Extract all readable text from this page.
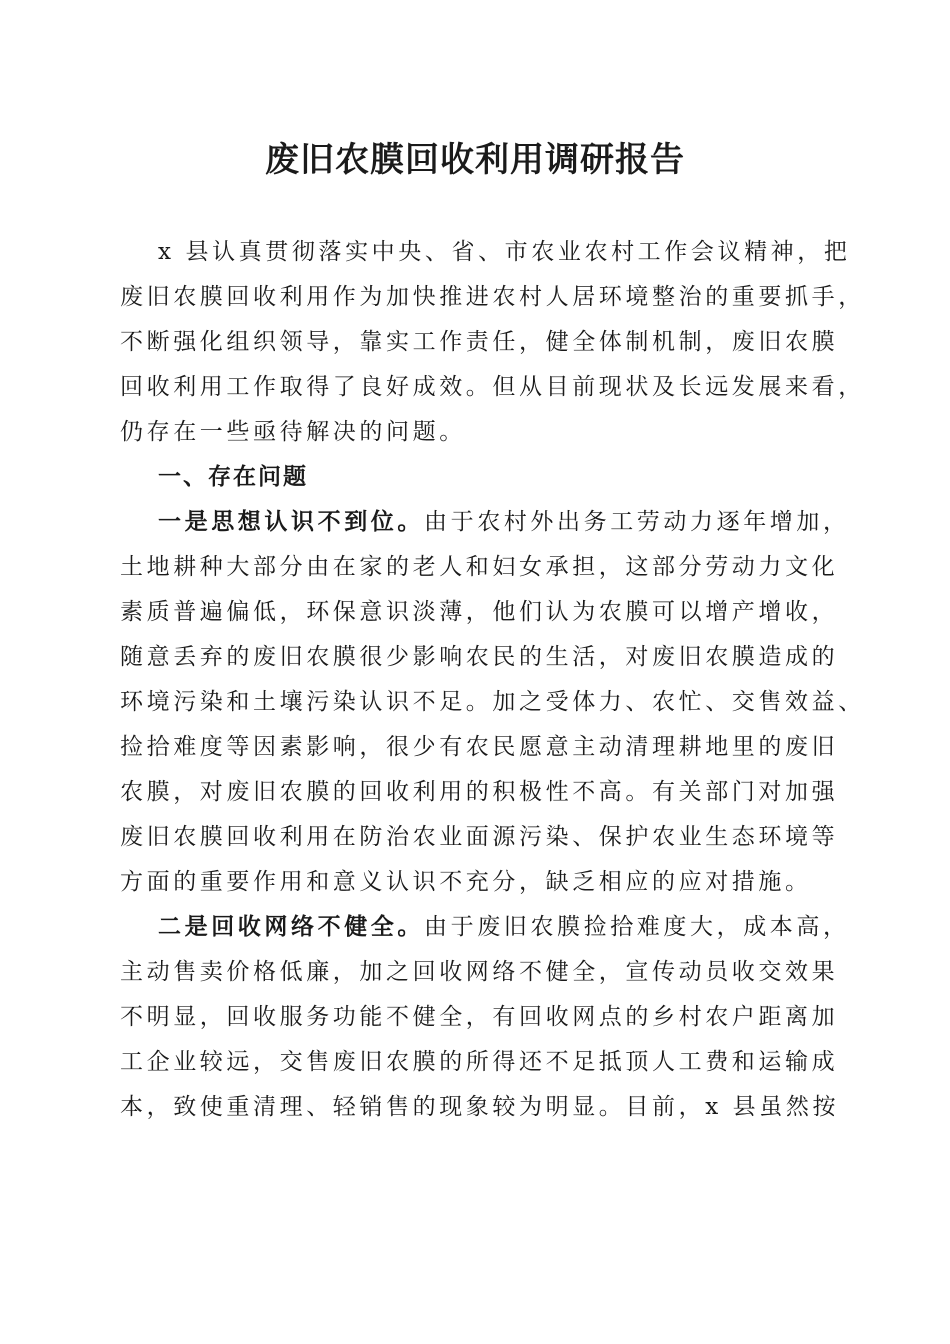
废旧农膜回收利用调研报告
x 县认真贯彻落实中央、省、市农业农村工作会议精神，把
废旧农膜回收利用作为加快推进农村人居环境整治的重要抓手，
不断强化组织领导，靠实工作责任，健全体制机制，废旧农膜
回收利用工作取得了良好成效。但从目前现状及长远发展来看，
仍存在一些亟待解决的问题。
一、存在问题
一是思想认识不到位。由于农村外出务工劳动力逐年增加，
土地耕种大部分由在家的老人和妇女承担，这部分劳动力文化
素质普遍偏低，环保意识淡薄，他们认为农膜可以增产增收，
随意丢弃的废旧农膜很少影响农民的生活，对废旧农膜造成的
环境污染和土壤污染认识不足。加之受体力、农忙、交售效益、
捡拾难度等因素影响，很少有农民愿意主动清理耕地里的废旧
农膜，对废旧农膜的回收利用的积极性不高。有关部门对加强
废旧农膜回收利用在防治农业面源污染、保护农业生态环境等
方面的重要作用和意义认识不充分，缺乏相应的应对措施。
二是回收网络不健全。由于废旧农膜捡拾难度大，成本高，
主动售卖价格低廉，加之回收网络不健全，宣传动员收交效果
不明显，回收服务功能不健全，有回收网点的乡村农户距离加
工企业较远，交售废旧农膜的所得还不足抵顶人工费和运输成
本，致使重清理、轻销售的现象较为明显。目前，x 县虽然按
